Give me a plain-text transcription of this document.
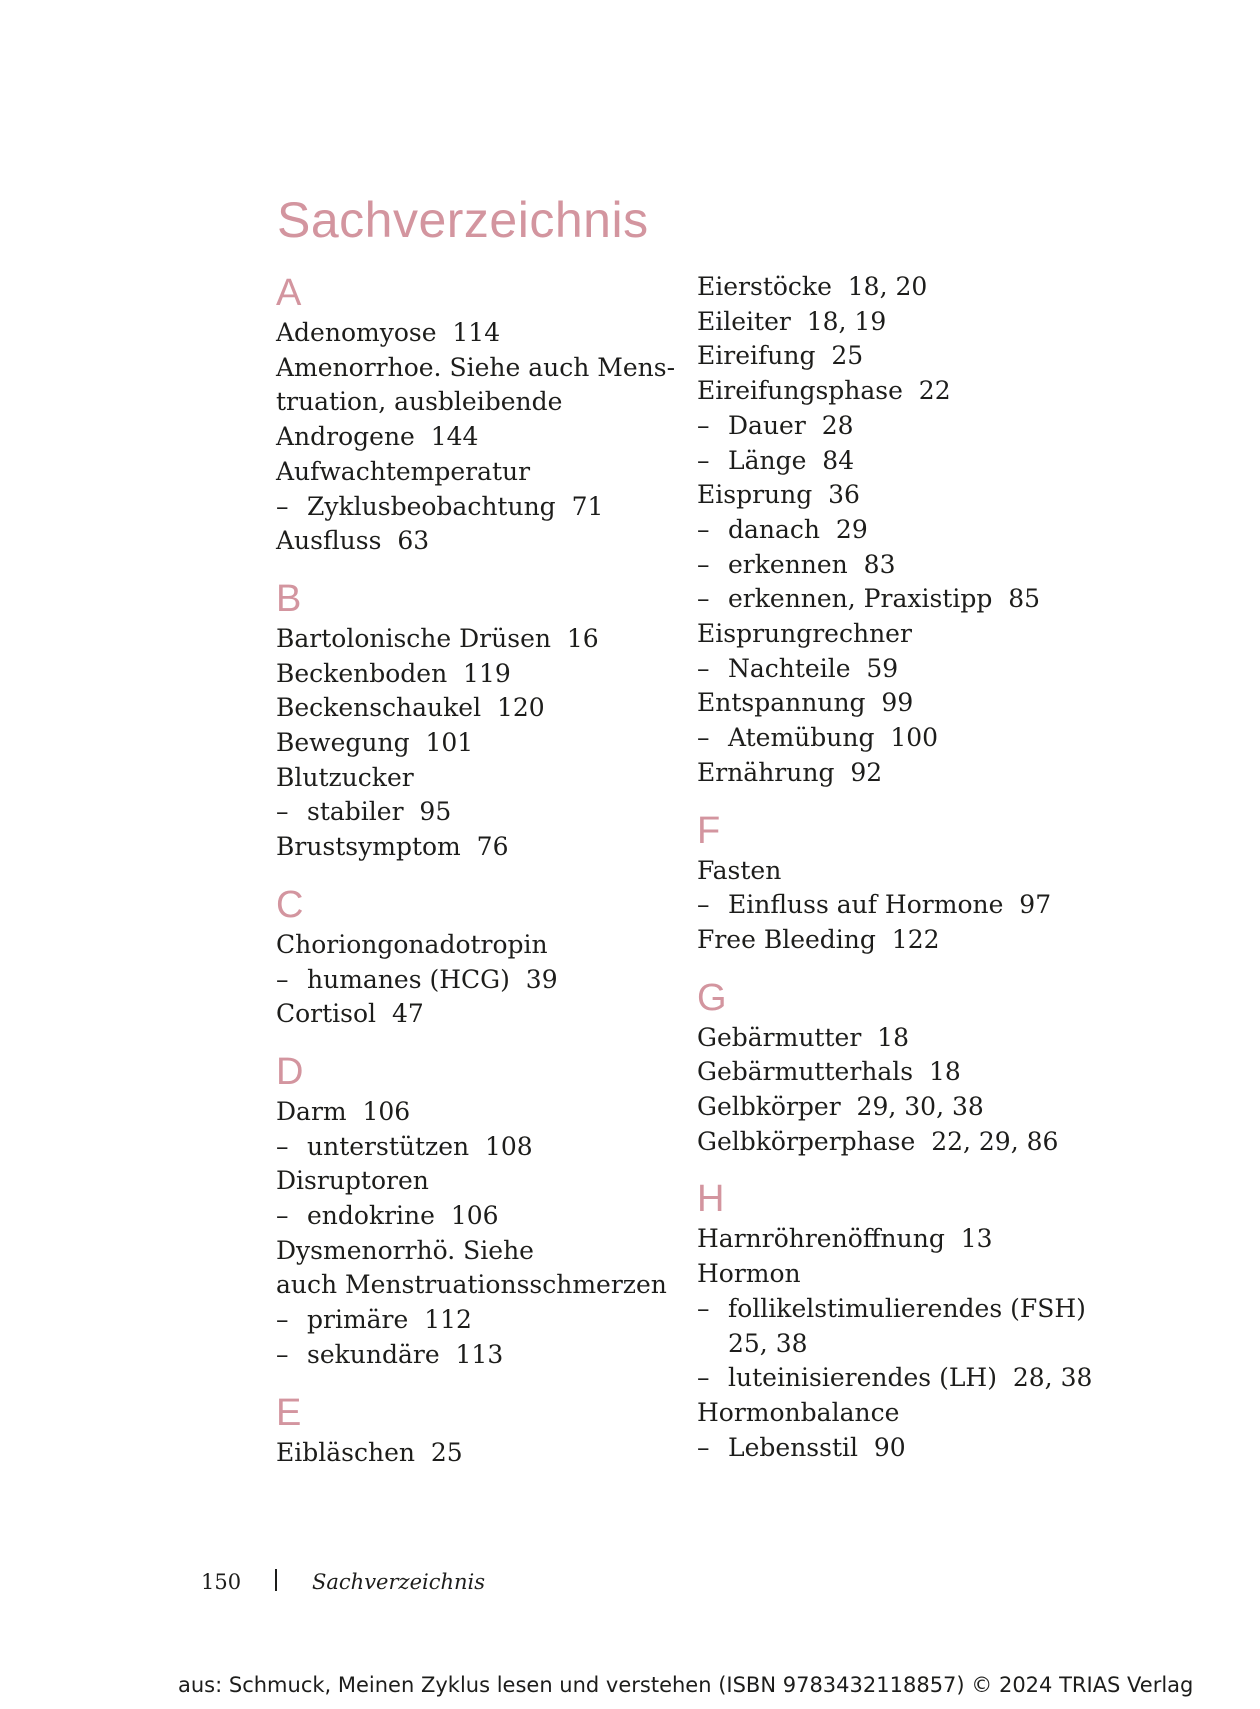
Sachverzeichnis
A
Adenomyose  114
Amenorrhoe. Siehe auch Mens-
truation, ausbleibende
Androgene  144
Aufwachtemperatur
– Zyklusbeobachtung  71
Ausfluss  63
B
Bartolonische Drüsen  16
Beckenboden  119
Beckenschaukel  120
Bewegung  101
Blutzucker
– stabiler  95
Brustsymptom  76
C
Choriongonadotropin
– humanes (HCG)  39
Cortisol  47
D
Darm  106
– unterstützen  108
Disruptoren
– endokrine  106
Dysmenorrhö. Siehe
auch Menstruationsschmerzen
– primäre  112
– sekundäre  113
E
Eibläschen  25
Eierstöcke  18, 20
Eileiter  18, 19
Eireifung  25
Eireifungsphase  22
– Dauer  28
– Länge  84
Eisprung  36
– danach  29
– erkennen  83
– erkennen, Praxistipp  85
Eisprungrechner
– Nachteile  59
Entspannung  99
– Atemübung  100
Ernährung  92
F
Fasten
– Einfluss auf Hormone  97
Free Bleeding  122
G
Gebärmutter  18
Gebärmutterhals  18
Gelbkörper  29, 30, 38
Gelbkörperphase  22, 29, 86
H
Harnröhrenöffnung  13
Hormon
– follikelstimulierendes (FSH)
25, 38
– luteinisierendes (LH)  28, 38
Hormonbalance
– Lebensstil  90
150	Sachverzeichnis
aus: Schmuck, Meinen Zyklus lesen und verstehen (ISBN 9783432118857) © 2024 TRIAS Verlag
